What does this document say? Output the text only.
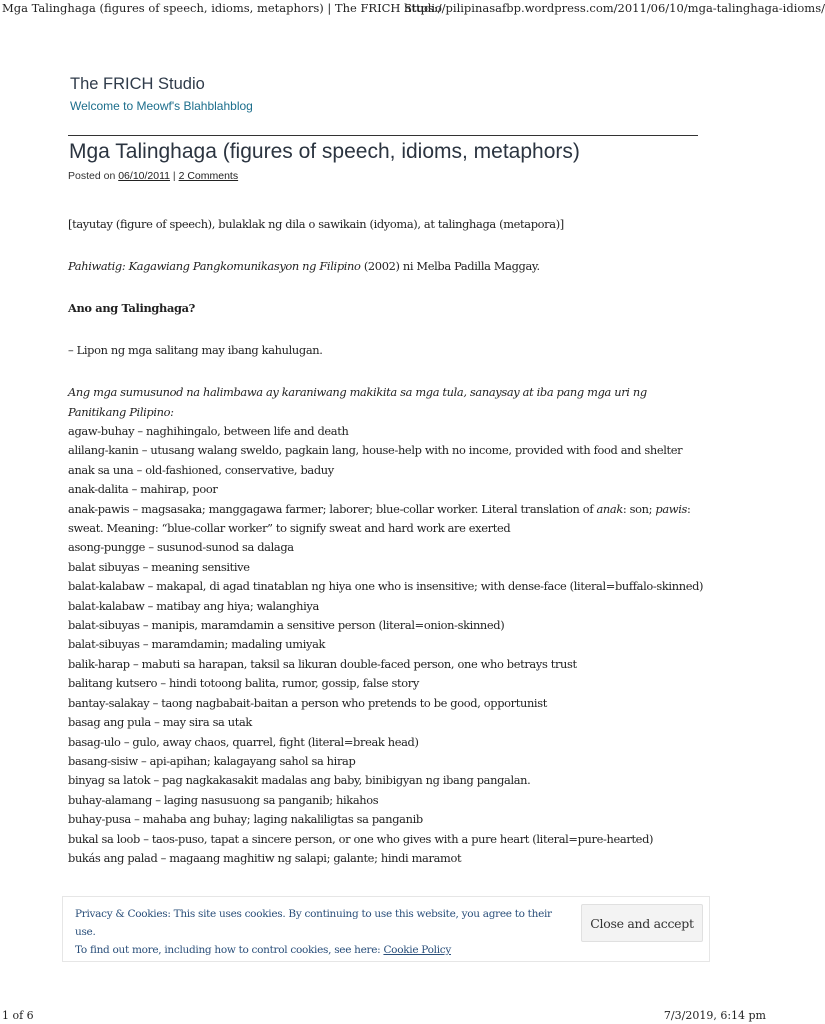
Mga Talinghaga (figures of speech, idioms, metaphors) | The FRICH Studio
https://pilipinasafbp.wordpress.com/2011/06/10/mga-talinghaga-idioms/
The FRICH Studio
Welcome to Meowf's Blahblahblog
Mga Talinghaga (figures of speech, idioms, metaphors)
Posted on 06/10/2011 | 2 Comments

[tayutay (figure of speech), bulaklak ng dila o sawikain (idyoma), at talinghaga (metapora)]

Pahiwatig: Kagawiang Pangkomunikasyon ng Filipino (2002) ni Melba Padilla Maggay.

Ano ang Talinghaga?

– Lipon ng mga salitang may ibang kahulugan.

Ang mga sumusunod na halimbawa ay karaniwang makikita sa mga tula, sanaysay at iba pang mga uri ng Panitikang Pilipino:

agaw-buhay – naghihingalo, between life and death
alilang-kanin – utusang walang sweldo, pagkain lang, house-help with no income, provided with food and shelter
anak sa una – old-fashioned, conservative, baduy
anak-dalita – mahirap, poor
anak-pawis – magsasaka; manggagawa farmer; laborer; blue-collar worker. Literal translation of anak: son; pawis: sweat. Meaning: “blue-collar worker” to signify sweat and hard work are exerted
asong-pungge – susunod-sunod sa dalaga
balat sibuyas – meaning sensitive
balat-kalabaw – makapal, di agad tinatablan ng hiya one who is insensitive; with dense-face (literal=buffalo-skinned)
balat-kalabaw – matibay ang hiya; walanghiya
balat-sibuyas – manipis, maramdamin a sensitive person (literal=onion-skinned)
balat-sibuyas – maramdamin; madaling umiyak
balik-harap – mabuti sa harapan, taksil sa likuran double-faced person, one who betrays trust
balitang kutsero – hindi totoong balita, rumor, gossip, false story
bantay-salakay – taong nagbabait-baitan a person who pretends to be good, opportunist
basag ang pula – may sira sa utak
basag-ulo – gulo, away chaos, quarrel, fight (literal=break head)
basang-sisiw – api-apihan; kalagayang sahol sa hirap
binyag sa latok – pag nagkakasakit madalas ang baby, binibigyan ng ibang pangalan.
buhay-alamang – laging nasusuong sa panganib; hikahos
buhay-pusa – mahaba ang buhay; laging nakaliligtas sa panganib
bukal sa loob – taos-puso, tapat a sincere person, or one who gives with a pure heart (literal=pure-hearted)
bukás ang palad – magaang maghitiw ng salapi; galante; hindi maramot
Privacy & Cookies: This site uses cookies. By continuing to use this website, you agree to their use.
To find out more, including how to control cookies, see here: Cookie Policy
Close and accept
1 of 6	7/3/2019, 6:14 pm
